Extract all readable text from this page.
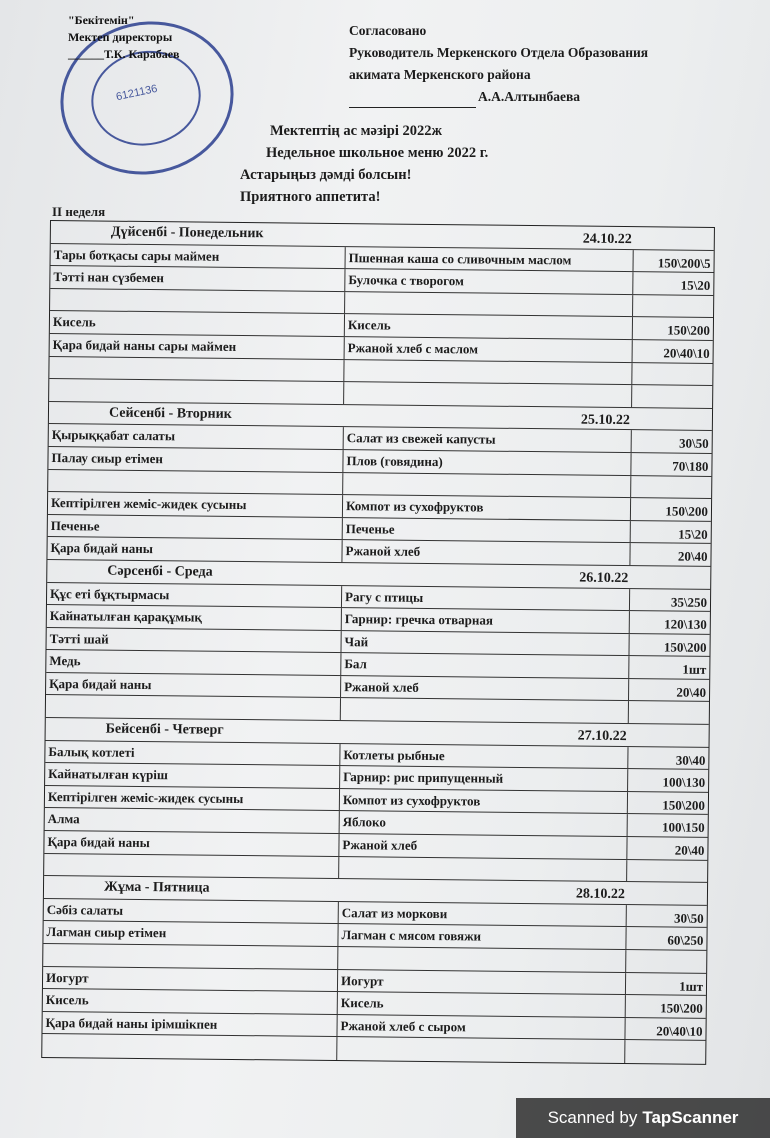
6121136
"Бекітемін"
Мектеп директоры
______Т.К. Карабаев
Согласовано
Руководитель Меркенского Отдела Образования
акимата Меркенского района
А.А.Алтынбаева
Мектептің ас мәзірі 2022ж
Недельное школьное меню 2022 г.
Астарыңыз дәмді болсын!
Приятного аппетита!
II неделя
Дүйсенбі - Понедельник	24.10.22
Тары ботқасы сары маймен	Пшенная каша со сливочным маслом	150\200\5
Тәтті нан сүзбемен	Булочка с творогом	15\20
Кисель	Кисель	150\200
Қара бидай наны сары маймен	Ржаной хлеб с маслом	20\40\10
Сейсенбі - Вторник	25.10.22
Қырыққабат салаты	Салат из свежей капусты	30\50
Палау сиыр етімен	Плов (говядина)	70\180
Кептірілген жеміс-жидек сусыны	Компот из сухофруктов	150\200
Печенье	Печенье	15\20
Қара бидай наны	Ржаной хлеб	20\40
Сәрсенбі - Среда	26.10.22
Құс еті бұқтырмасы	Рагу с птицы	35\250
Кайнатылған қарақұмық	Гарнир: гречка отварная	120\130
Тәтті шай	Чай	150\200
Медь	Бал	1шт
Қара бидай наны	Ржаной хлеб	20\40
Бейсенбі - Четверг	27.10.22
Балық котлеті	Котлеты рыбные	30\40
Кайнатылған күріш	Гарнир: рис припущенный	100\130
Кептірілген жеміс-жидек сусыны	Компот из сухофруктов	150\200
Алма	Яблоко	100\150
Қара бидай наны	Ржаной хлеб	20\40
Жұма - Пятница	28.10.22
Сәбіз салаты	Салат из моркови	30\50
Лагман сиыр етімен	Лагман с мясом говяжи	60\250
Иогурт	Иогурт	1шт
Кисель	Кисель	150\200
Қара бидай наны ірімшікпен	Ржаной хлеб с сыром	20\40\10
Scanned by TapScanner
